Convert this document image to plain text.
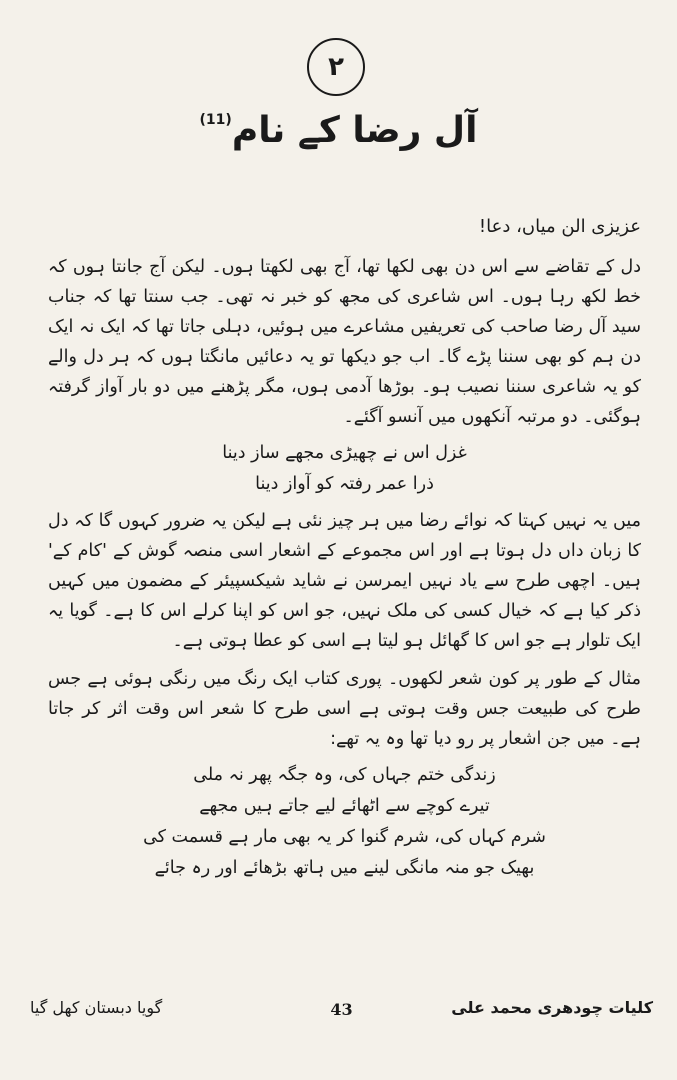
۲
آل رضا کے نام$^{(11)}$

عزیزی الن میاں، دعا!

دل کے تقاضے سے اس دن بھی لکھا تھا، آج بھی لکھتا ہوں۔ لیکن آج جانتا ہوں کہ خط لکھ رہا ہوں۔ اس شاعری کی مجھ کو خبر نہ تھی۔ جب سنتا تھا کہ جناب سید آل رضا صاحب کی تعریفیں مشاعرے میں ہوئیں، دہلی جاتا تھا کہ ایک نہ ایک دن ہم کو بھی سننا پڑے گا۔ اب جو دیکھا تو یہ دعائیں مانگتا ہوں کہ ہر دل والے کو یہ شاعری سننا نصیب ہو۔ بوڑھا آدمی ہوں، مگر پڑھنے میں دو بار آواز گرفتہ ہوگئی۔ دو مرتبہ آنکھوں میں آنسو آگئے۔

غزل اس نے چھیڑی مجھے ساز دینا

ذرا عمر رفتہ کو آواز دینا

میں یہ نہیں کہتا کہ نوائے رضا میں ہر چیز نئی ہے لیکن یہ ضرور کہوں گا کہ دل کا زبان داں دل ہوتا ہے اور اس مجموعے کے اشعار اسی منصہ گوش کے 'کام کے' ہیں۔ اچھی طرح سے یاد نہیں ایمرسن نے شاید شیکسپیئر کے مضمون میں کہیں ذکر کیا ہے کہ خیال کسی کی ملک نہیں، جو اس کو اپنا کرلے اس کا ہے۔ گویا یہ ایک تلوار ہے جو اس کا گھائل ہو لیتا ہے اسی کو عطا ہوتی ہے۔

مثال کے طور پر کون شعر لکھوں۔ پوری کتاب ایک رنگ میں رنگی ہوئی ہے جس طرح کی طبیعت جس وقت ہوتی ہے اسی طرح کا شعر اس وقت اثر کر جاتا ہے۔ میں جن اشعار پر رو دیا تھا وہ یہ تھے:

زندگی ختم جہاں کی، وہ جگہ پھر نہ ملی

تیرے کوچے سے اٹھائے لیے جاتے ہیں مجھے

شرم کہاں کی، شرم گنوا کر یہ بھی مار ہے قسمت کی

بھیک جو منہ مانگی لینے میں ہاتھ بڑھائے اور رہ جائے

کلیات چودھری محمد علی
43
گویا دبستان کھل گیا
